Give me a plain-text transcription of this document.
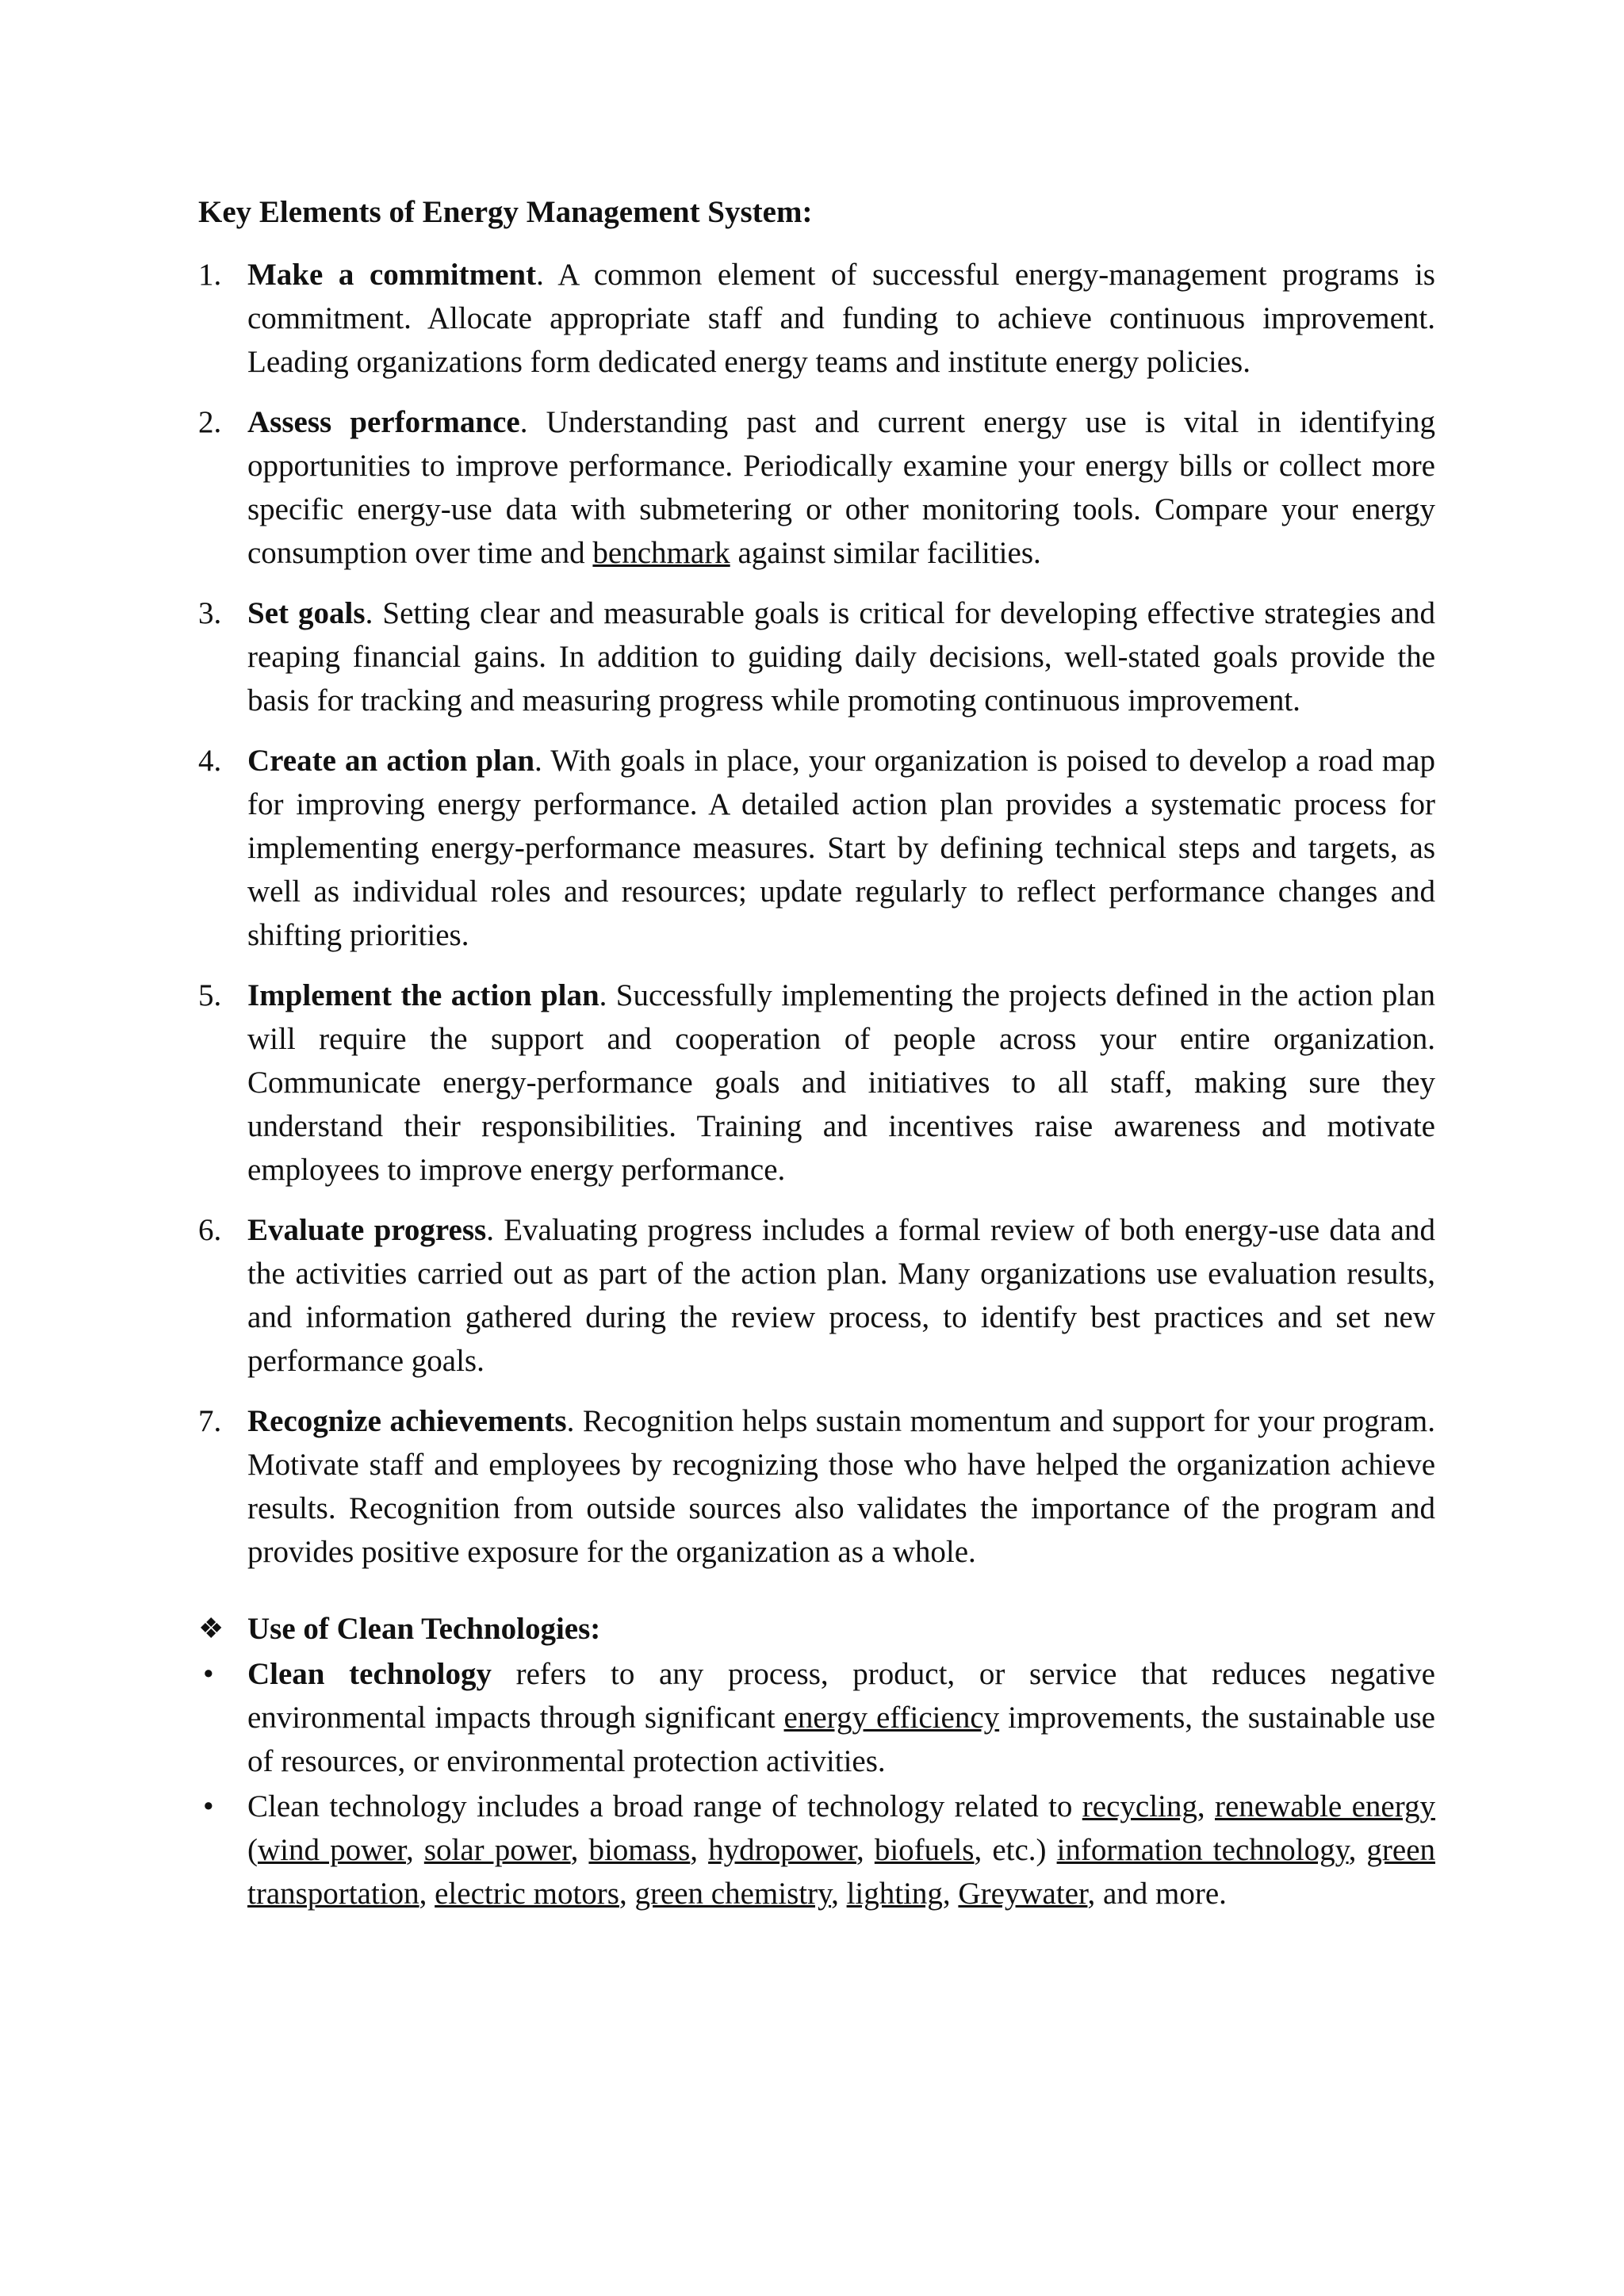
Key Elements of Energy Management System:
1. Make a commitment. A common element of successful energy-management programs is commitment. Allocate appropriate staff and funding to achieve continuous improvement. Leading organizations form dedicated energy teams and institute energy policies.
2. Assess performance. Understanding past and current energy use is vital in identifying opportunities to improve performance. Periodically examine your energy bills or collect more specific energy-use data with submetering or other monitoring tools. Compare your energy consumption over time and benchmark against similar facilities.
3. Set goals. Setting clear and measurable goals is critical for developing effective strategies and reaping financial gains. In addition to guiding daily decisions, well-stated goals provide the basis for tracking and measuring progress while promoting continuous improvement.
4. Create an action plan. With goals in place, your organization is poised to develop a road map for improving energy performance. A detailed action plan provides a systematic process for implementing energy-performance measures. Start by defining technical steps and targets, as well as individual roles and resources; update regularly to reflect performance changes and shifting priorities.
5. Implement the action plan. Successfully implementing the projects defined in the action plan will require the support and cooperation of people across your entire organization. Communicate energy-performance goals and initiatives to all staff, making sure they understand their responsibilities. Training and incentives raise awareness and motivate employees to improve energy performance.
6. Evaluate progress. Evaluating progress includes a formal review of both energy-use data and the activities carried out as part of the action plan. Many organizations use evaluation results, and information gathered during the review process, to identify best practices and set new performance goals.
7. Recognize achievements. Recognition helps sustain momentum and support for your program. Motivate staff and employees by recognizing those who have helped the organization achieve results. Recognition from outside sources also validates the importance of the program and provides positive exposure for the organization as a whole.
❖ Use of Clean Technologies:
• Clean technology refers to any process, product, or service that reduces negative environmental impacts through significant energy efficiency improvements, the sustainable use of resources, or environmental protection activities.
• Clean technology includes a broad range of technology related to recycling, renewable energy (wind power, solar power, biomass, hydropower, biofuels, etc.) information technology, green transportation, electric motors, green chemistry, lighting, Greywater, and more.
